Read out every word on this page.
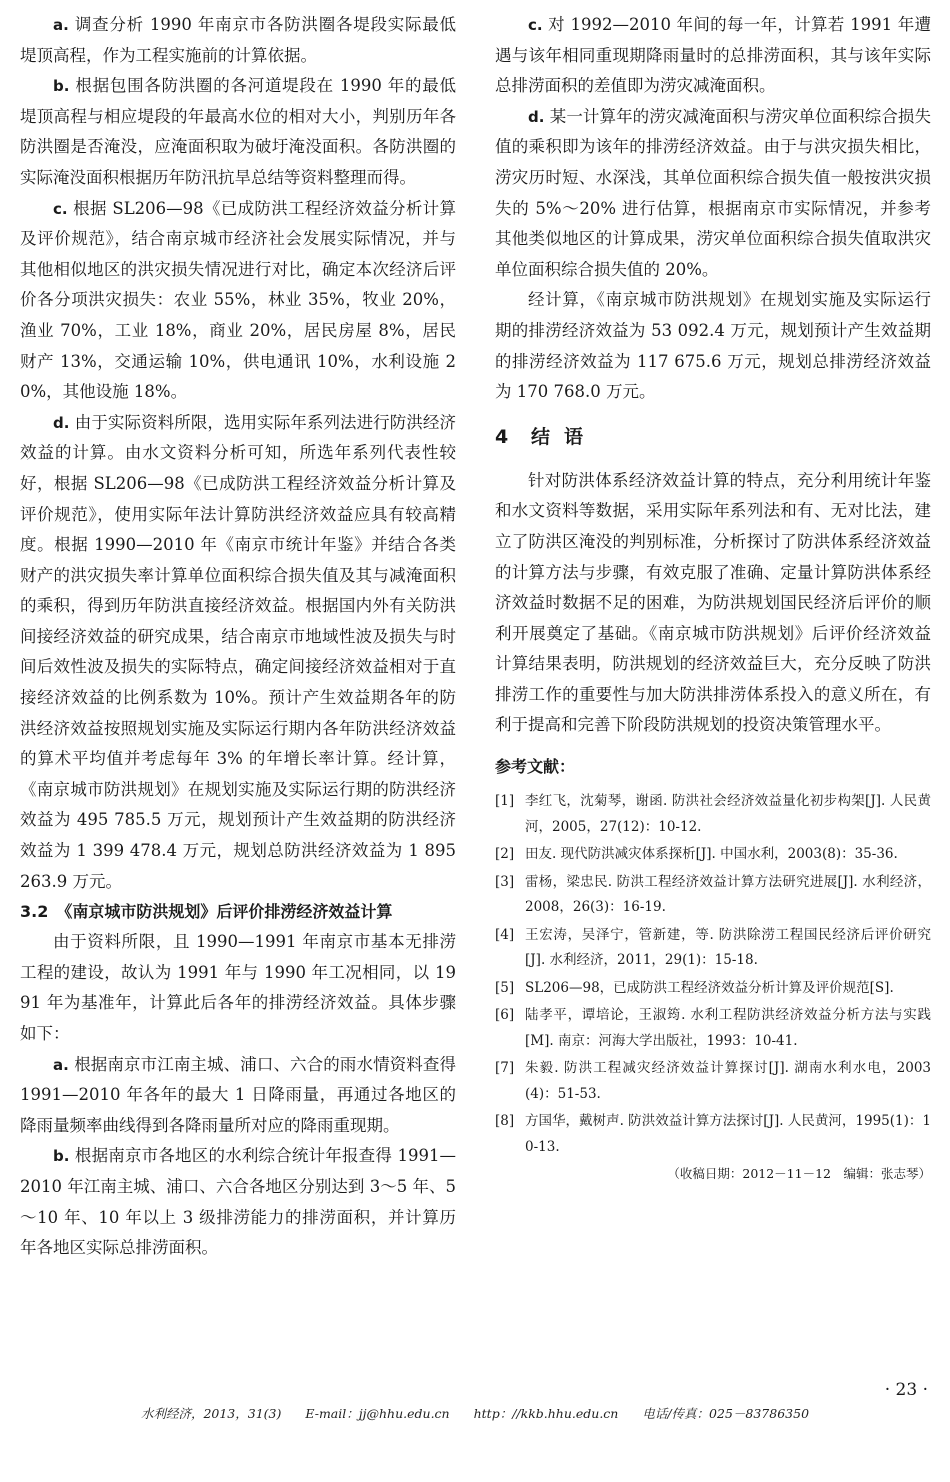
a. 调查分析 1990 年南京市各防洪圈各堤段实际最低堤顶高程，作为工程实施前的计算依据。

b. 根据包围各防洪圈的各河道堤段在 1990 年的最低堤顶高程与相应堤段的年最高水位的相对大小，判别历年各防洪圈是否淹没，应淹面积取为破圩淹没面积。各防洪圈的实际淹没面积根据历年防汛抗旱总结等资料整理而得。

c. 根据 SL206—98《已成防洪工程经济效益分析计算及评价规范》，结合南京城市经济社会发展实际情况，并与其他相似地区的洪灾损失情况进行对比，确定本次经济后评价各分项洪灾损失：农业 55%，林业 35%，牧业 20%，渔业 70%，工业 18%，商业 20%，居民房屋 8%，居民财产 13%，交通运输 10%，供电通讯 10%，水利设施 20%，其他设施 18%。

d. 由于实际资料所限，选用实际年系列法进行防洪经济效益的计算。由水文资料分析可知，所选年系列代表性较好，根据 SL206—98《已成防洪工程经济效益分析计算及评价规范》，使用实际年法计算防洪经济效益应具有较高精度。根据 1990—2010 年《南京市统计年鉴》并结合各类财产的洪灾损失率计算单位面积综合损失值及其与减淹面积的乘积，得到历年防洪直接经济效益。根据国内外有关防洪间接经济效益的研究成果，结合南京市地域性波及损失与时间后效性波及损失的实际特点，确定间接经济效益相对于直接经济效益的比例系数为 10%。预计产生效益期各年的防洪经济效益按照规划实施及实际运行期内各年防洪经济效益的算术平均值并考虑每年 3% 的年增长率计算。经计算，《南京城市防洪规划》在规划实施及实际运行期的防洪经济效益为 495 785.5 万元，规划预计产生效益期的防洪经济效益为 1 399 478.4 万元，规划总防洪经济效益为 1 895 263.9 万元。

3.2　《南京城市防洪规划》后评价排涝经济效益计算

由于资料所限，且 1990—1991 年南京市基本无排涝工程的建设，故认为 1991 年与 1990 年工况相同，以 1991 年为基准年，计算此后各年的排涝经济效益。具体步骤如下：

a. 根据南京市江南主城、浦口、六合的雨水情资料查得 1991—2010 年各年的最大 1 日降雨量，再通过各地区的降雨量频率曲线得到各降雨量所对应的降雨重现期。

b. 根据南京市各地区的水利综合统计年报查得 1991—2010 年江南主城、浦口、六合各地区分别达到 3～5 年、5～10 年、10 年以上 3 级排涝能力的排涝面积，并计算历年各地区实际总排涝面积。

c. 对 1992—2010 年间的每一年，计算若 1991 年遭遇与该年相同重现期降雨量时的总排涝面积，其与该年实际总排涝面积的差值即为涝灾减淹面积。

d. 某一计算年的涝灾减淹面积与涝灾单位面积综合损失值的乘积即为该年的排涝经济效益。由于与洪灾损失相比，涝灾历时短、水深浅，其单位面积综合损失值一般按洪灾损失的 5%～20% 进行估算，根据南京市实际情况，并参考其他类似地区的计算成果，涝灾单位面积综合损失值取洪灾单位面积综合损失值的 20%。

经计算，《南京城市防洪规划》在规划实施及实际运行期的排涝经济效益为 53 092.4 万元，规划预计产生效益期的排涝经济效益为 117 675.6 万元，规划总排涝经济效益为 170 768.0 万元。

4 结语

针对防洪体系经济效益计算的特点，充分利用统计年鉴和水文资料等数据，采用实际年系列法和有、无对比法，建立了防洪区淹没的判别标准，分析探讨了防洪体系经济效益的计算方法与步骤，有效克服了准确、定量计算防洪体系经济效益时数据不足的困难，为防洪规划国民经济后评价的顺利开展奠定了基础。《南京城市防洪规划》后评价经济效益计算结果表明，防洪规划的经济效益巨大，充分反映了防洪排涝工作的重要性与加大防洪排涝体系投入的意义所在，有利于提高和完善下阶段防洪规划的投资决策管理水平。

参考文献：
[1] 李红飞，沈菊琴，谢函. 防洪社会经济效益量化初步构架[J]. 人民黄河，2005，27(12)：10-12.
[2] 田友. 现代防洪减灾体系探析[J]. 中国水利，2003(8)：35-36.
[3] 雷杨，梁忠民. 防洪工程经济效益计算方法研究进展[J]. 水利经济，2008，26(3)：16-19.
[4] 王宏涛，吴泽宁，管新建，等. 防洪除涝工程国民经济后评价研究[J]. 水利经济，2011，29(1)：15-18.
[5] SL206—98，已成防洪工程经济效益分析计算及评价规范[S].
[6] 陆孝平，谭培论，王淑筠. 水利工程防洪经济效益分析方法与实践[M]. 南京：河海大学出版社，1993：10-41.
[7] 朱毅. 防洪工程减灾经济效益计算探讨[J]. 湖南水利水电，2003(4)：51-53.
[8] 方国华，戴树声. 防洪效益计算方法探讨[J]. 人民黄河，1995(1)：10-13.
（收稿日期：2012－11－12　编辑：张志琴）
· 23 ·
水利经济，2013，31(3) E-mail：jj@hhu.edu.cn http：//kkb.hhu.edu.cn 电话/传真：025－83786350
